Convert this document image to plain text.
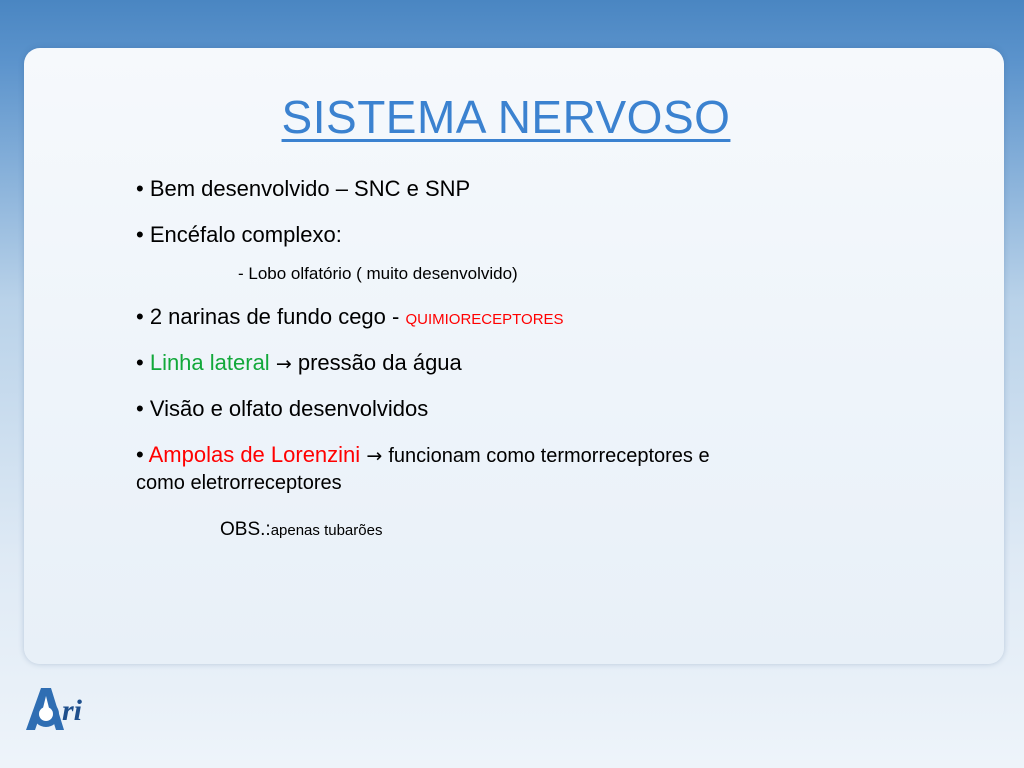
SISTEMA NERVOSO
• Bem desenvolvido – SNC e SNP
• Encéfalo complexo:
- Lobo olfatório ( muito desenvolvido)
• 2 narinas de fundo cego - QUIMIORECEPTORES
• Linha lateral → pressão da água
• Visão e olfato desenvolvidos
• Ampolas de Lorenzini → funcionam como termorreceptores e
como eletrorreceptores
OBS.:apenas tubarões
ri
